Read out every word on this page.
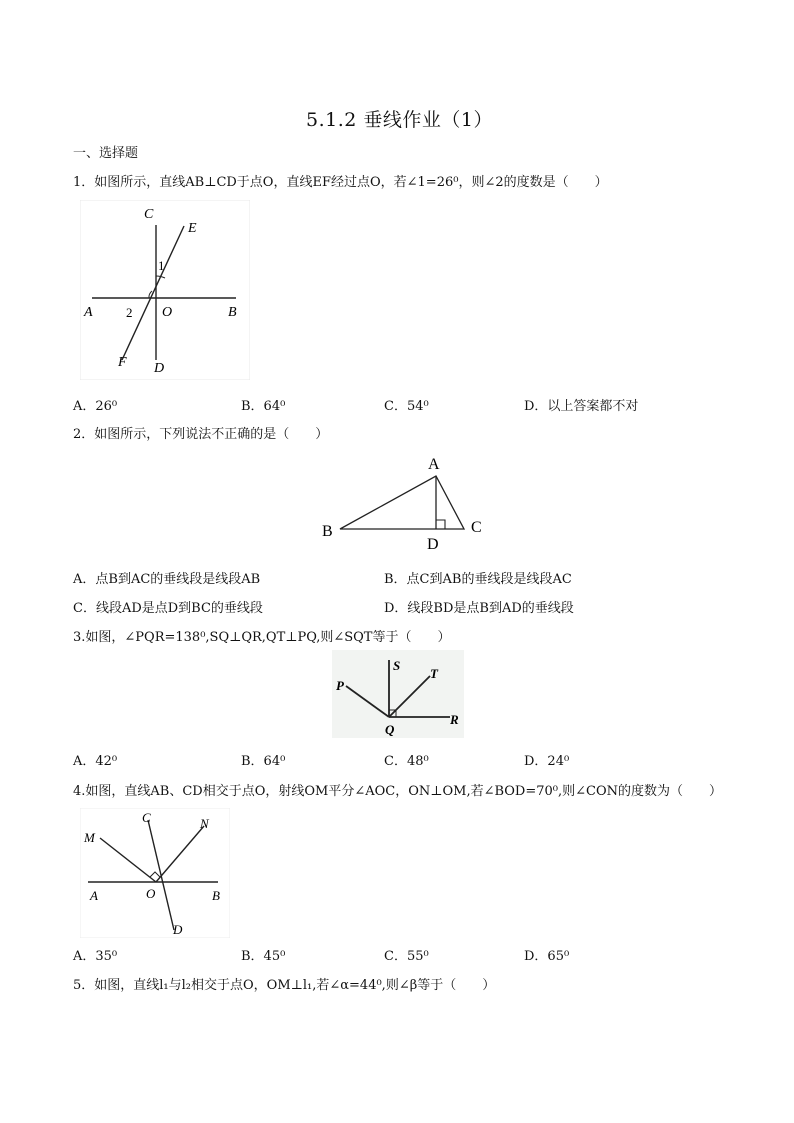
5.1.2 垂线作业（1）
一、选择题
1．如图所示，直线AB⊥CD于点O，直线EF经过点O，若∠1=26⁰，则∠2的度数是（　　）
C
E
1
A	2 O	B
F D
A．26⁰	B．64⁰	C．54⁰	D．以上答案都不对
2．如图所示，下列说法不正确的是（　　）
A
B	C
D
A．点B到AC的垂线段是线段AB	B．点C到AB的垂线段是线段AC
C．线段AD是点D到BC的垂线段	D．线段BD是点B到AD的垂线段
3.如图，∠PQR=138⁰,SQ⊥QR,QT⊥PQ,则∠SQT等于（　　）
P
S
T
Q
R
A．42⁰	B．64⁰	C．48⁰	D．24⁰
4.如图，直线AB、CD相交于点O，射线OM平分∠AOC，ON⊥OM,若∠BOD=70⁰,则∠CON的度数为（　　）
M
C	N
A	O	B
D
A．35⁰	B．45⁰	C．55⁰	D．65⁰
5．如图，直线l₁与l₂相交于点O，OM⊥l₁,若∠α=44⁰,则∠β等于（　　）
